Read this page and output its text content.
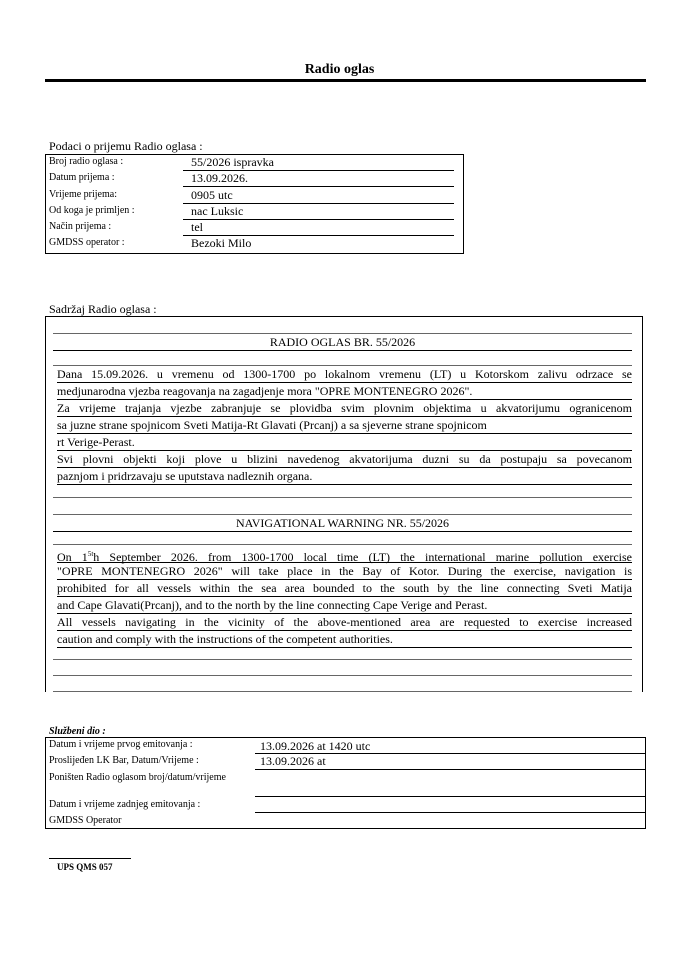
Radio oglas
Podaci o prijemu Radio oglasa :
Broj radio oglasa :	55/2026 ispravka
Datum prijema :	13.09.2026.
Vrijeme prijema:	0905 utc
Od koga je primljen :	nac Luksic
Način prijema :	tel
GMDSS operator :	Bezoki Milo
Sadržaj Radio oglasa :
RADIO OGLAS BR. 55/2026
Dana 15.09.2026. u vremenu od 1300-1700 po lokalnom vremenu (LT) u Kotorskom zalivu odrzace se
medjunarodna vjezba reagovanja na zagadjenje mora "OPRE MONTENEGRO 2026".
Za vrijeme trajanja vjezbe zabranjuje se plovidba svim plovnim objektima u akvatorijumu ogranicenom
sa juzne strane spojnicom Sveti Matija-Rt Glavati (Prcanj) a sa sjeverne strane spojnicom
rt Verige-Perast.
Svi plovni objekti koji plove u blizini navedenog akvatorijuma duzni su da postupaju sa povecanom
paznjom i pridrzavaju se uputstava nadleznih organa.
NAVIGATIONAL WARNING NR. 55/2026
On $1^{5t}h$ September 2026. from 1300-1700 local time (LT) the international marine pollution exercise
"OPRE MONTENEGRO 2026" will take place in the Bay of Kotor. During the exercise, navigation is
prohibited for all vessels within the sea area bounded to the south by the line connecting Sveti Matija
and Cape Glavati(Prcanj), and to the north by the line connecting Cape Verige and Perast.
All vessels navigating in the vicinity of the above-mentioned area are requested to exercise increased
caution and comply with the instructions of the competent authorities.
Službeni dio :
Datum i vrijeme prvog emitovanja :	13.09.2026 at 1420 utc
Proslijeđen LK Bar, Datum/Vrijeme :	13.09.2026 at
Poništen Radio oglasom broj/datum/vrijeme
Datum i vrijeme zadnjeg emitovanja :
GMDSS Operator
UPS QMS 057
